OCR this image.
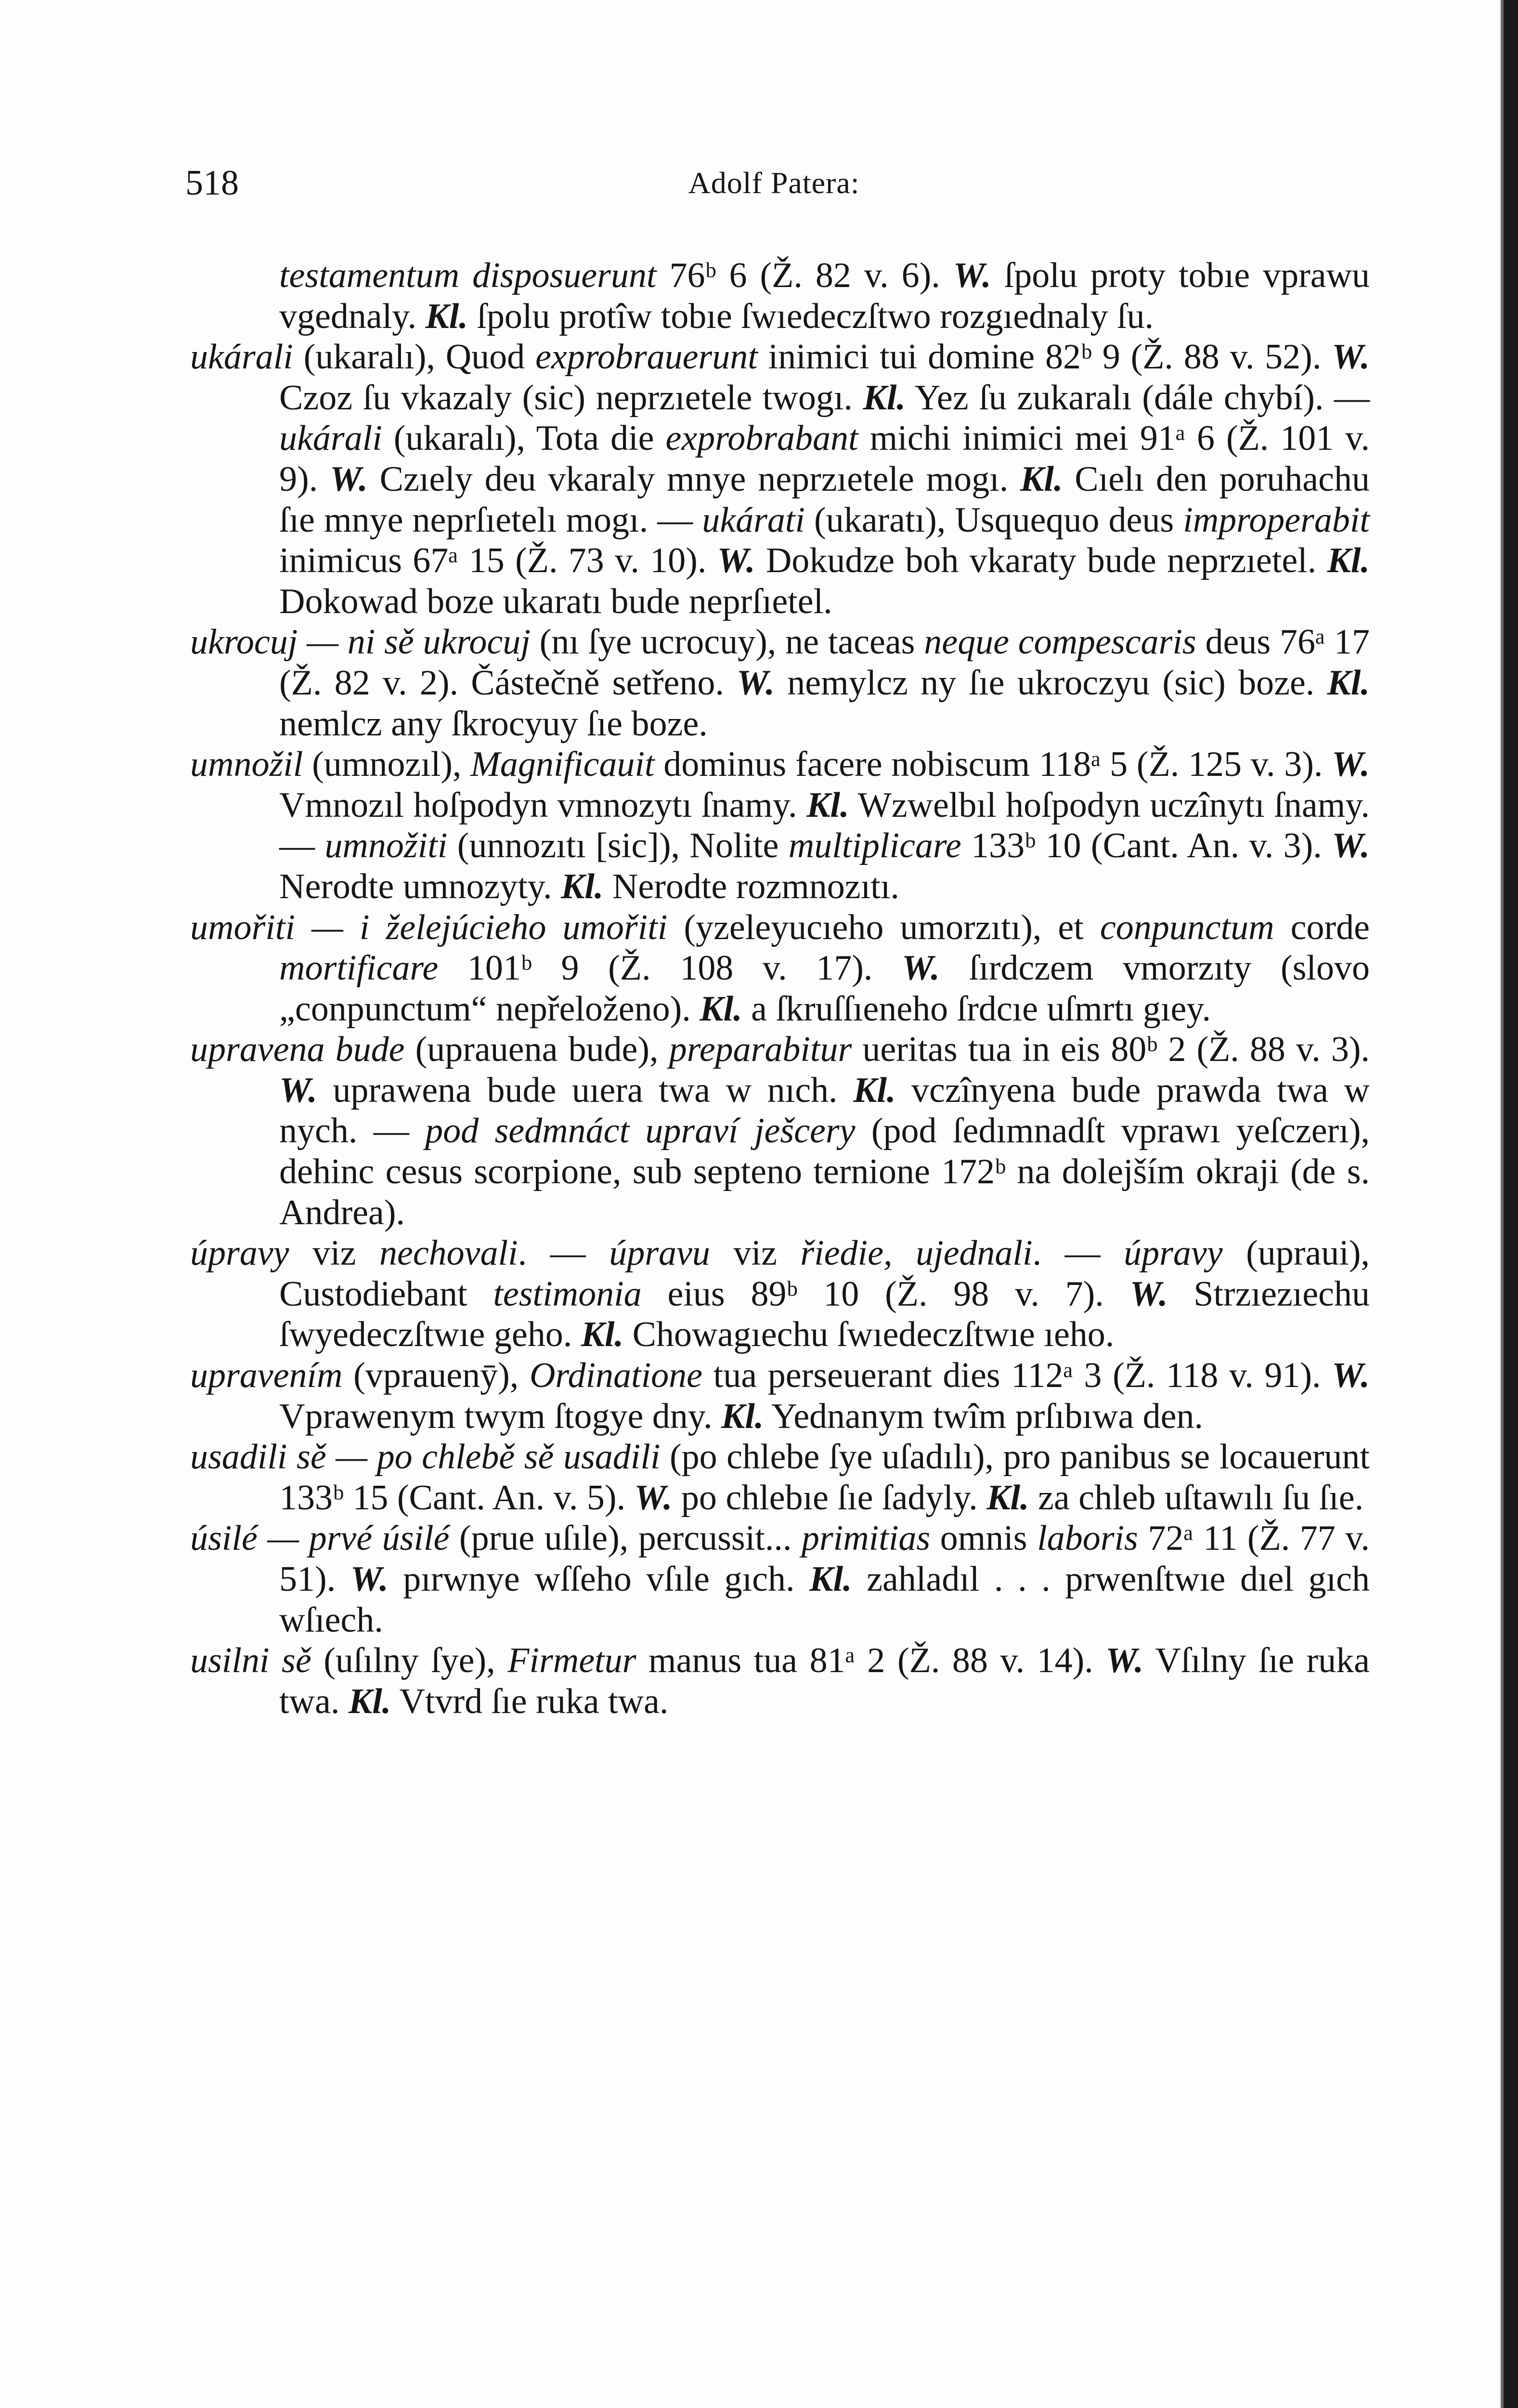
518	Adolf Patera:

testamentum disposuerunt 76ᵇ 6 (Ž. 82 v. 6). W. ſpolu proty tobıe vprawu vgednaly. Kl. ſpolu protîw tobıe ſwıedeczſtwo rozgıednaly ſu.

ukárali (ukaralı), Quod exprobrauerunt inimici tui domine 82ᵇ 9 (Ž. 88 v. 52). W. Czoz ſu vkazaly (sic) neprzıetele twogı. Kl. Yez ſu zukaralı (dále chybí). — ukárali (ukaralı), Tota die exprobrabant michi inimici mei 91ᵃ 6 (Ž. 101 v. 9). W. Czıely deu vkaraly mnye neprzıetele mogı. Kl. Cıelı den poruhachu ſıe mnye neprſıetelı mogı. — ukárati (ukaratı), Usquequo deus improperabit inimicus 67ᵃ 15 (Ž. 73 v. 10). W. Dokudze boh vkaraty bude neprzıetel. Kl. Dokowad boze ukaratı bude neprſıetel.

ukrocuj — ni sě ukrocuj (nı ſye ucrocuy), ne taceas neque compescaris deus 76ᵃ 17 (Ž. 82 v. 2). Částečně setřeno. W. nemylcz ny ſıe ukroczyu (sic) boze. Kl. nemlcz any ſkrocyuy ſıe boze.

umnožil (umnozıl), Magnificauit dominus facere nobiscum 118ᵃ 5 (Ž. 125 v. 3). W. Vmnozıl hoſpodyn vmnozytı ſnamy. Kl. Wzwelbıl hoſpodyn uczînytı ſnamy. — umnožiti (unnozıtı [sic]), Nolite multiplicare 133ᵇ 10 (Cant. An. v. 3). W. Nerodte umnozyty. Kl. Nerodte rozmnozıtı.

umořiti — i želejúcieho umořiti (yzeleyucıeho umorzıtı), et conpunctum corde mortificare 101ᵇ 9 (Ž. 108 v. 17). W. ſırdczem vmorzıty (slovo „conpunctum“ nepřeloženo). Kl. a ſkruſſıeneho ſrdcıe uſmrtı gıey.

upravena bude (uprauena bude), preparabitur ueritas tua in eis 80ᵇ 2 (Ž. 88 v. 3). W. uprawena bude uıera twa w nıch. Kl. vczînyena bude prawda twa w nych. — pod sedmnáct upraví ješcery (pod ſedımnadſt vprawı yeſczerı), dehinc cesus scorpione, sub septeno ternione 172ᵇ na dolejším okraji (de s. Andrea).

úpravy viz nechovali. — úpravu viz řiedie, ujednali. — úpravy (upraui), Custodiebant testimonia eius 89ᵇ 10 (Ž. 98 v. 7). W. Strzıezıechu ſwyedeczſtwıe geho. Kl. Chowagıechu ſwıedeczſtwıe ıeho.

upravením (vprauenȳ), Ordinatione tua perseuerant dies 112ᵃ 3 (Ž. 118 v. 91). W. Vprawenym twym ſtogye dny. Kl. Yednanym twîm prſıbıwa den.

usadili sě — po chlebě sě usadili (po chlebe ſye uſadılı), pro panibus se locauerunt 133ᵇ 15 (Cant. An. v. 5). W. po chlebıe ſıe ſadyly. Kl. za chleb uſtawılı ſu ſıe.

úsilé — prvé úsilé (prue uſıle), percussit... primitias omnis laboris 72ᵃ 11 (Ž. 77 v. 51). W. pırwnye wſſeho vſıle gıch. Kl. zahladıl . . . prwenſtwıe dıel gıch wſıech.

usilni sě (uſılny ſye), Firmetur manus tua 81ᵃ 2 (Ž. 88 v. 14). W. Vſılny ſıe ruka twa. Kl. Vtvrd ſıe ruka twa.
